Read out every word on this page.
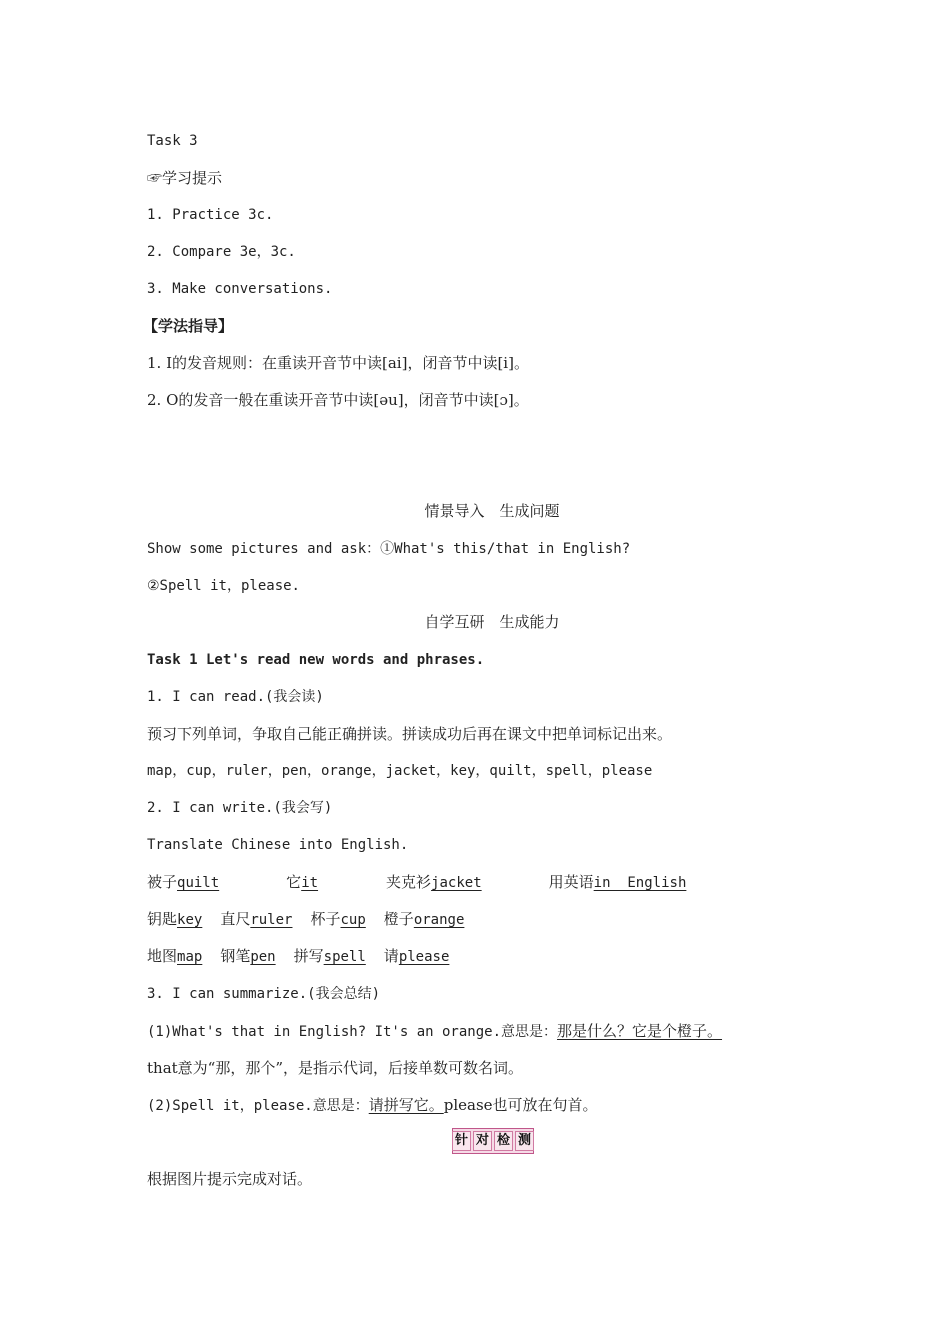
Task 3
☞学习提示
1. Practice 3c.
2. Compare 3e，3c.
3. Make conversations.
【学法指导】
1. I的发音规则：在重读开音节中读[ai]，闭音节中读[i]。
2. O的发音一般在重读开音节中读[əu]，闭音节中读[ɔ]。
情景导入　生成问题
Show some pictures and ask：①What's this/that in English?
②Spell it，please.
自学互研　生成能力
Task 1 Let's read new words and phrases.
1. I can read.(我会读)
预习下列单词，争取自己能正确拼读。拼读成功后再在课文中把单词标记出来。
map，cup，ruler，pen，orange，jacket，key，quilt，spell，please
2. I can write.(我会写)
Translate Chinese into English.
被子quilt	它it	夹克衫jacket	用英语in  English
钥匙key 直尺ruler 杯子cup 橙子orange
地图map 钢笔pen 拼写spell 请please
3. I can summarize.(我会总结)
(1)What's that in English? It's an orange.意思是：那是什么？它是个橙子。
that意为“那，那个”，是指示代词，后接单数可数名词。
(2)Spell it，please.意思是：请拼写它。please也可放在句首。
针 对 检 测
根据图片提示完成对话。
